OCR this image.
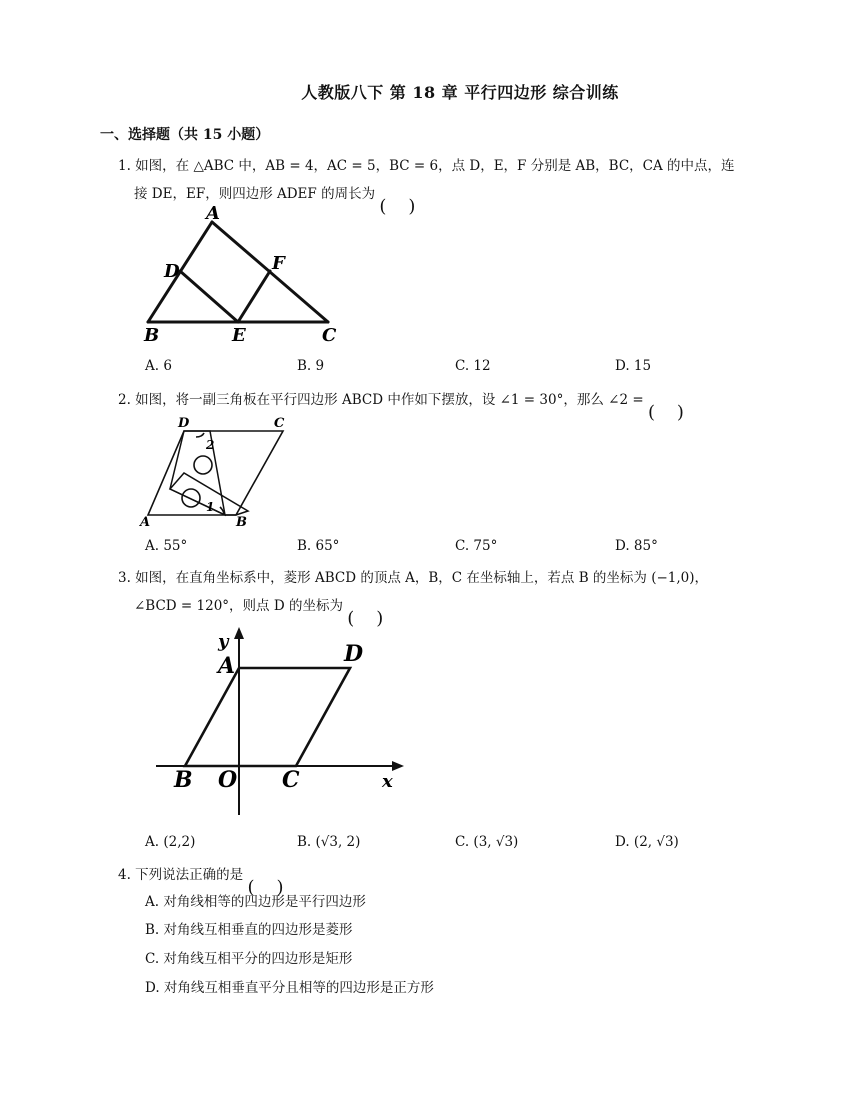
人教版八下 第 18 章 平行四边形 综合训练
一、选择题（共 15 小题）
1. 如图，在 △ABC 中，AB = 4，AC = 5，BC = 6，点 D，E，F 分别是 AB，BC，CA 的中点，连
接 DE，EF，则四边形 ADEF 的周长为
A
D	F
B	E	C
A. 6	B. 9	C. 12	D. 15
2. 如图，将一副三角板在平行四边形 ABCD 中作如下摆放，设 ∠1 = 30°，那么 ∠2 =
D	C
2
A
1
B
A. 55°	B. 65°	C. 75°	D. 85°
3. 如图，在直角坐标系中，菱形 ABCD 的顶点 A，B，C 在坐标轴上，若点 B 的坐标为 (−1,0)，
∠BCD = 120°，则点 D 的坐标为
y
A	D
B O C	x
A. (2,2)	B. (√3, 2)	C. (3, √3)	D. (2, √3)
4. 下列说法正确的是
A. 对角线相等的四边形是平行四边形
B. 对角线互相垂直的四边形是菱形
C. 对角线互相平分的四边形是矩形
D. 对角线互相垂直平分且相等的四边形是正方形
